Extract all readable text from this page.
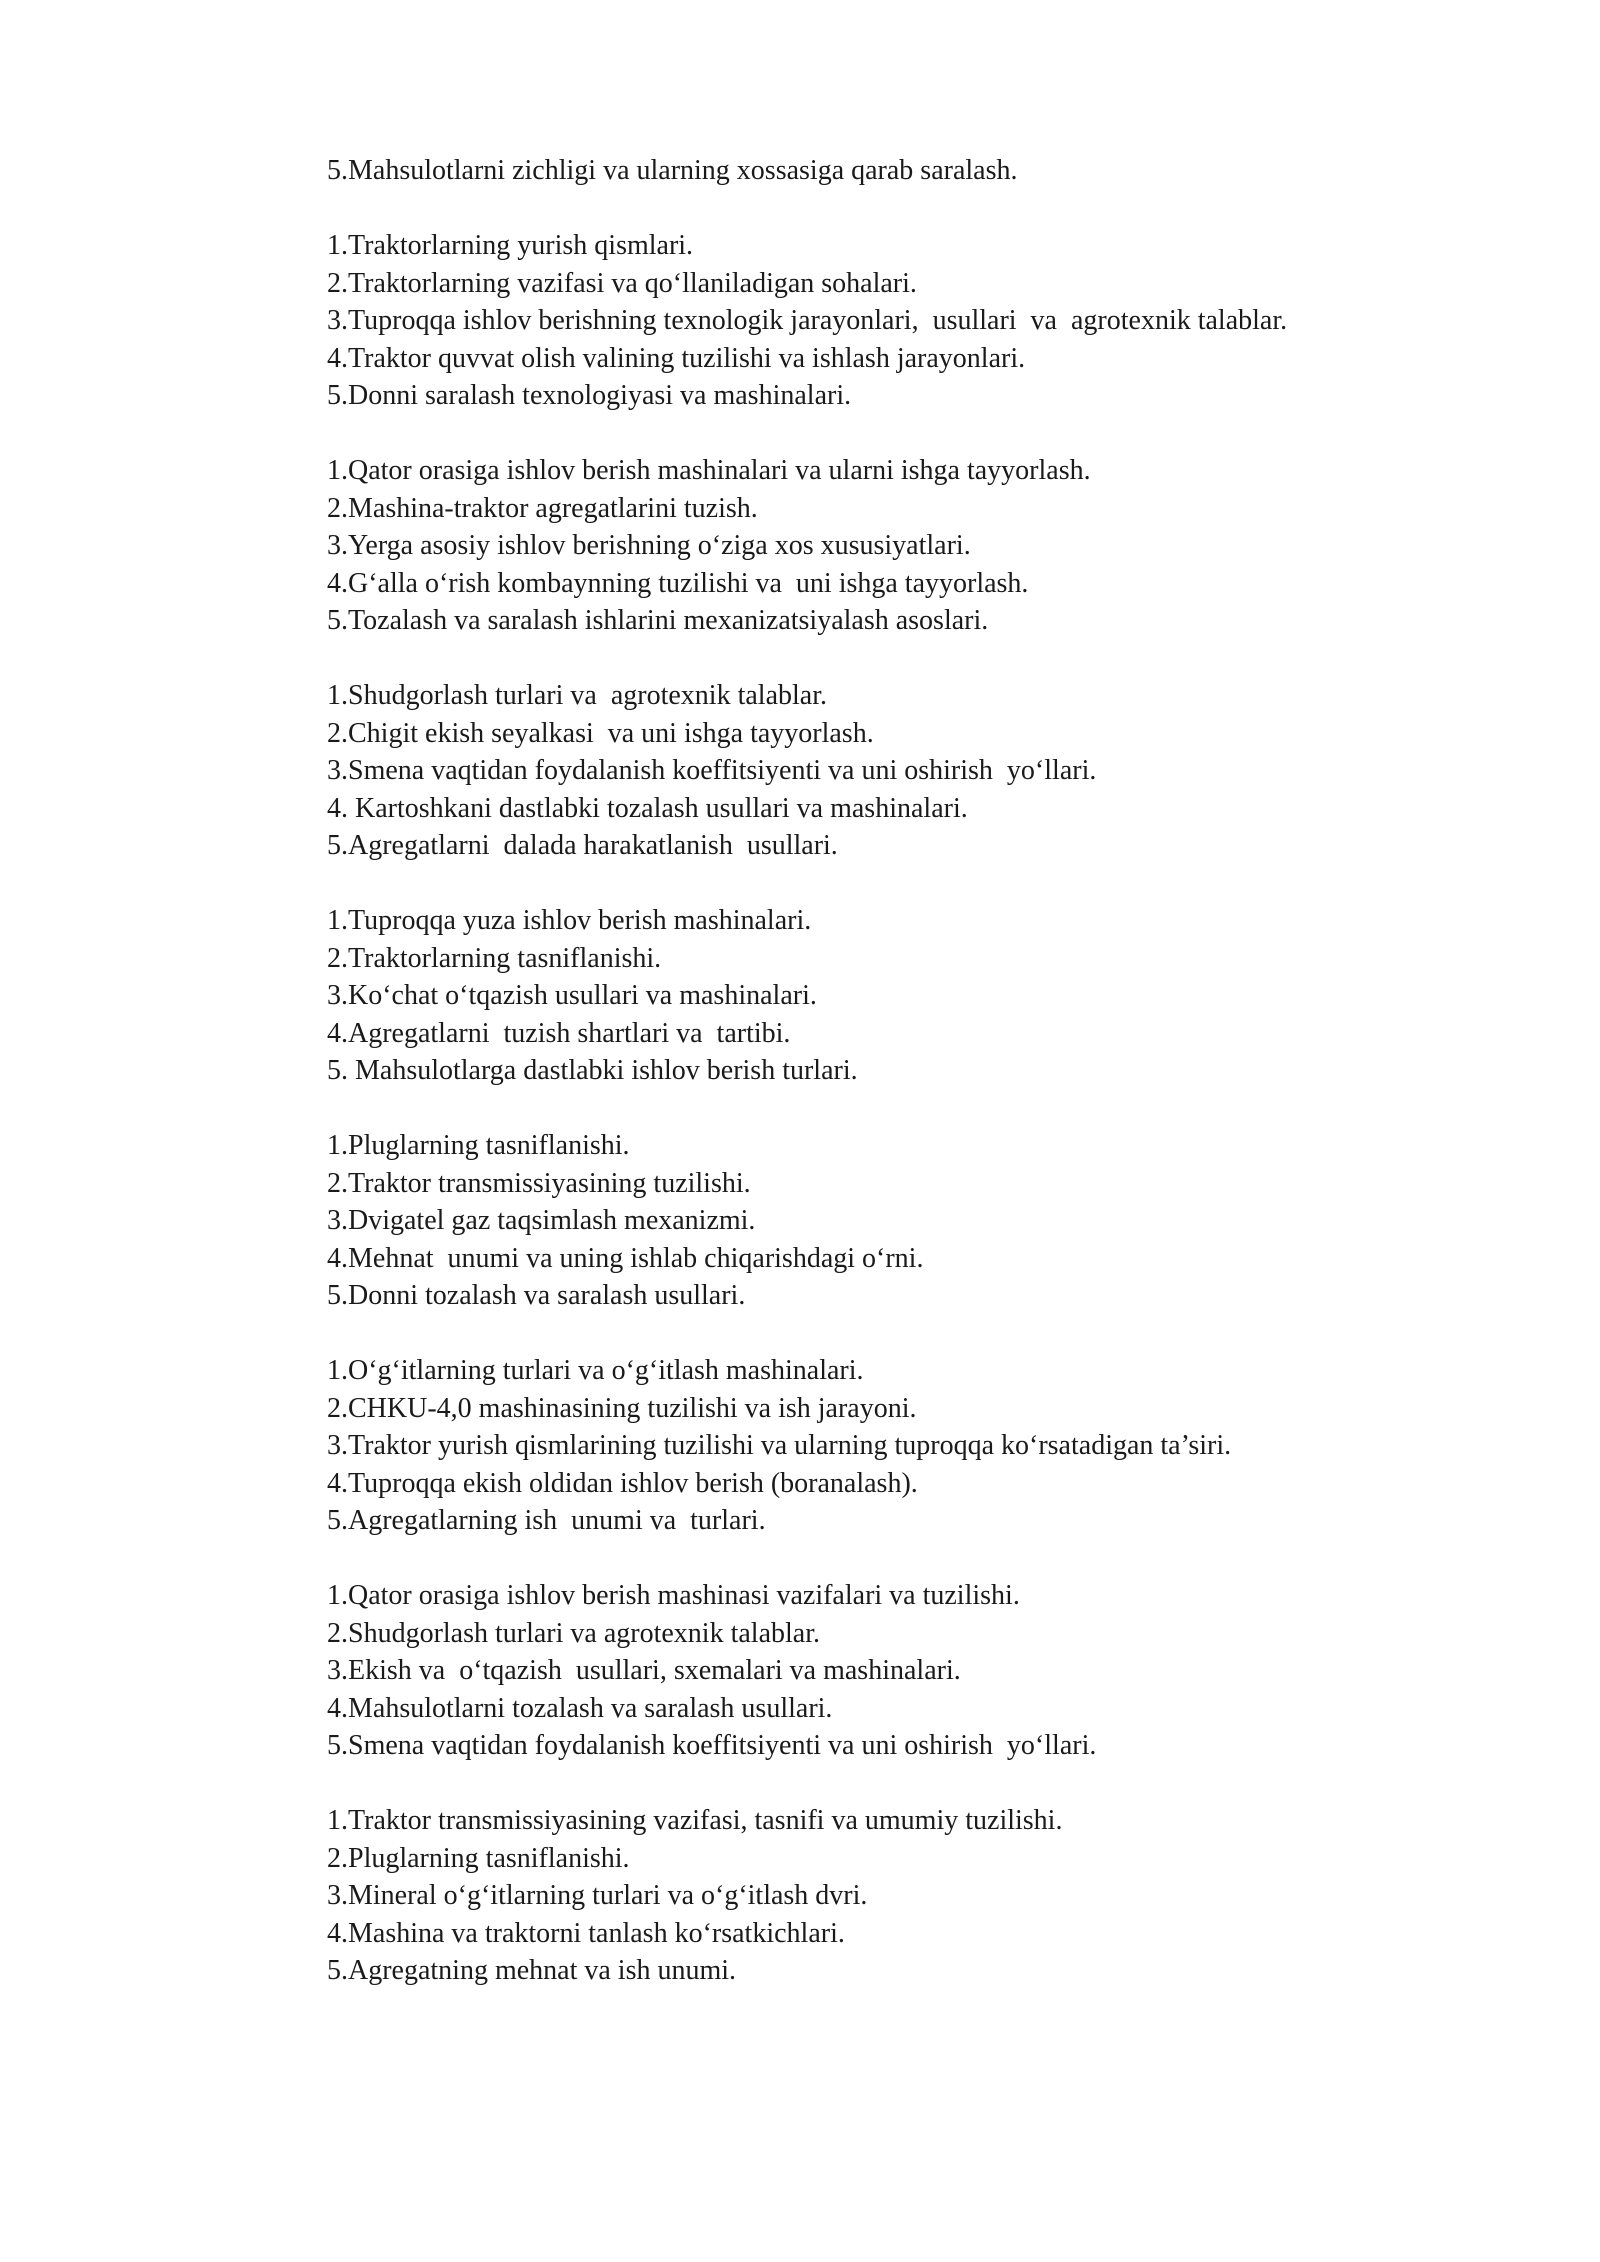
5.Mahsulotlarni zichligi va ularning xossasiga qarab saralash.
1.Traktorlarning yurish qismlari.
2.Traktorlarning vazifasi va qo‘llaniladigan sohalari.
3.Tuproqqa ishlov berishning texnologik jarayonlari,  usullari  va  agrotexnik talablar.
4.Traktor quvvat olish valining tuzilishi va ishlash jarayonlari.
5.Donni saralash texnologiyasi va mashinalari.
1.Qator orasiga ishlov berish mashinalari va ularni ishga tayyorlash.
2.Mashina-traktor agregatlarini tuzish.
3.Yerga asosiy ishlov berishning o‘ziga xos xususiyatlari.
4.G‘alla o‘rish kombaynning tuzilishi va  uni ishga tayyorlash.
5.Tozalash va saralash ishlarini mexanizatsiyalash asoslari.
1.Shudgorlash turlari va  agrotexnik talablar.
2.Chigit ekish seyalkasi  va uni ishga tayyorlash.
3.Smena vaqtidan foydalanish koeffitsiyenti va uni oshirish  yo‘llari.
4. Kartoshkani dastlabki tozalash usullari va mashinalari.
5.Agregatlarni  dalada harakatlanish  usullari.
1.Tuproqqa yuza ishlov berish mashinalari.
2.Traktorlarning tasniflanishi.
3.Ko‘chat o‘tqazish usullari va mashinalari.
4.Agregatlarni  tuzish shartlari va  tartibi.
5. Mahsulotlarga dastlabki ishlov berish turlari.
1.Pluglarning tasniflanishi.
2.Traktor transmissiyasining tuzilishi.
3.Dvigatel gaz taqsimlash mexanizmi.
4.Mehnat  unumi va uning ishlab chiqarishdagi o‘rni.
5.Donni tozalash va saralash usullari.
1.O‘g‘itlarning turlari va o‘g‘itlash mashinalari.
2.CHKU-4,0 mashinasining tuzilishi va ish jarayoni.
3.Traktor yurish qismlarining tuzilishi va ularning tuproqqa ko‘rsatadigan ta’siri.
4.Tuproqqa ekish oldidan ishlov berish (boranalash).
5.Agregatlarning ish  unumi va  turlari.
1.Qator orasiga ishlov berish mashinasi vazifalari va tuzilishi.
2.Shudgorlash turlari va agrotexnik talablar.
3.Ekish va  o‘tqazish  usullari, sxemalari va mashinalari.
4.Mahsulotlarni tozalash va saralash usullari.
5.Smena vaqtidan foydalanish koeffitsiyenti va uni oshirish  yo‘llari.
1.Traktor transmissiyasining vazifasi, tasnifi va umumiy tuzilishi.
2.Pluglarning tasniflanishi.
3.Mineral o‘g‘itlarning turlari va o‘g‘itlash dvri.
4.Mashina va traktorni tanlash ko‘rsatkichlari.
5.Agregatning mehnat va ish unumi.
